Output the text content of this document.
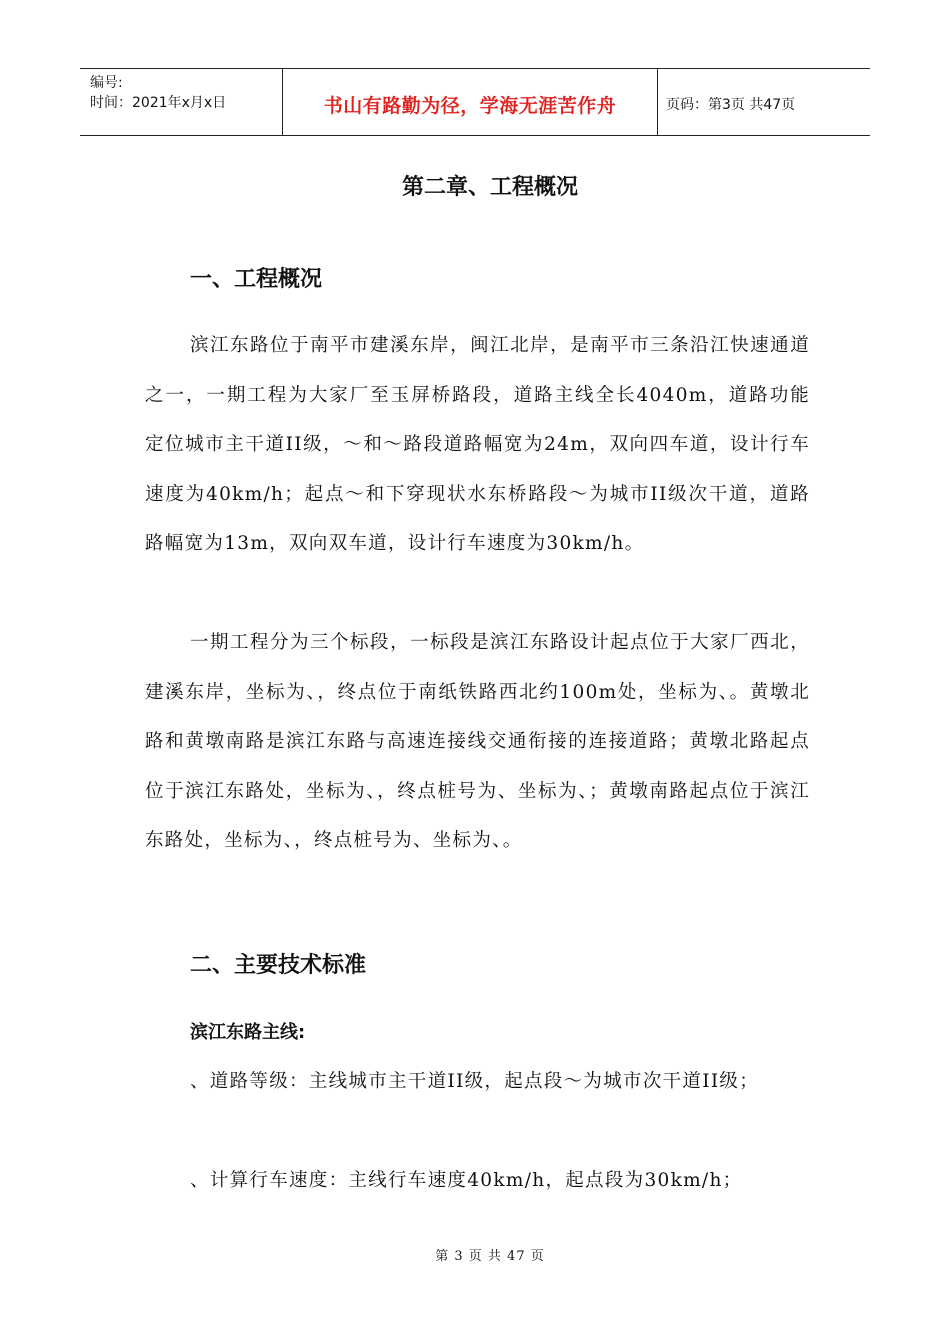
编号:
时间：2021年x月x日	书山有路勤为径，学海无涯苦作舟	页码：第3页 共47页
第二章、工程概况
一、工程概况
滨江东路位于南平市建溪东岸，闽江北岸，是南平市三条沿江快速通道之一，一期工程为大家厂至玉屏桥路段，道路主线全长4040m，道路功能定位城市主干道II级，～和～路段道路幅宽为24m，双向四车道，设计行车速度为40km/h；起点～和下穿现状水东桥路段～为城市II级次干道，道路路幅宽为13m，双向双车道，设计行车速度为30km/h。
一期工程分为三个标段，一标段是滨江东路设计起点位于大家厂西北，建溪东岸，坐标为、，终点位于南纸铁路西北约100m处，坐标为、。黄墩北路和黄墩南路是滨江东路与高速连接线交通衔接的连接道路；黄墩北路起点位于滨江东路处，坐标为、，终点桩号为、坐标为、；黄墩南路起点位于滨江东路处，坐标为、，终点桩号为、坐标为、。
二、主要技术标准
滨江东路主线:
、道路等级：主线城市主干道II级，起点段～为城市次干道II级；
、计算行车速度：主线行车速度40km/h，起点段为30km/h；
第 3 页 共 47 页
